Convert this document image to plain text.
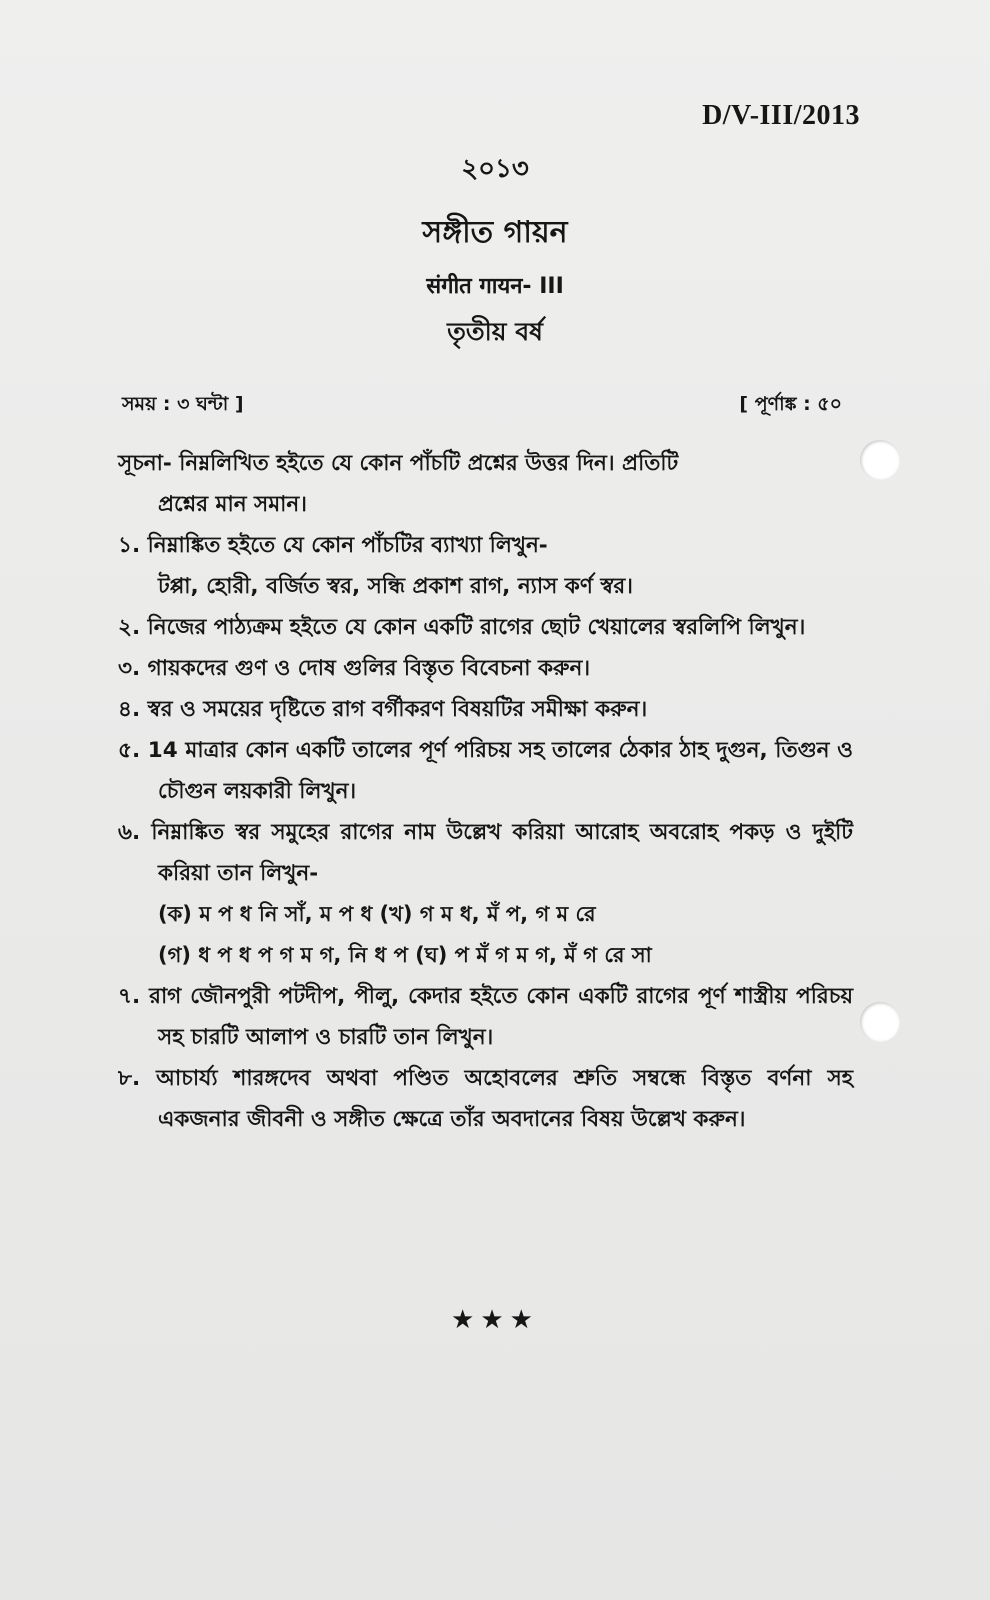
D/V-III/2013
২০১৩
সঙ্গীত গায়ন
संगीत गायन- III
তৃতীয় বর্ষ
সময় : ৩ ঘন্টা ]	[ পূর্ণাঙ্ক : ৫০

সূচনা- নিম্নলিখিত হইতে যে কোন পাঁচটি প্রশ্নের উত্তর দিন। প্রতিটি

প্রশ্নের মান সমান।

১. নিম্নাঙ্কিত হইতে যে কোন পাঁচটির ব্যাখ্যা লিখুন-

টপ্পা, হোরী, বর্জিত স্বর, সন্ধি প্রকাশ রাগ, ন্যাস কর্ণ স্বর।

২. নিজের পাঠ্যক্রম হইতে যে কোন একটি রাগের ছোট খেয়ালের স্বরলিপি লিখুন।

৩. গায়কদের গুণ ও দোষ গুলির বিস্তৃত বিবেচনা করুন।

৪. স্বর ও সময়ের দৃষ্টিতে রাগ বর্গীকরণ বিষয়টির সমীক্ষা করুন।

৫. 14 মাত্রার কোন একটি তালের পূর্ণ পরিচয় সহ তালের ঠেকার ঠাহ দুগুন, তিগুন ও চৌগুন লয়কারী লিখুন।

৬. নিম্নাঙ্কিত স্বর সমুহের রাগের নাম উল্লেখ করিয়া আরোহ অবরোহ পকড় ও দুইটি করিয়া তান লিখুন-

(ক) ম প ধ নি সাঁ, ম প ধ (খ) গ ম ধ, মঁ প, গ ম রে

(গ) ধ প ধ প গ ম গ, নি ধ প (ঘ) প মঁ গ ম গ, মঁ গ রে সা

৭. রাগ জৌনপুরী পটদীপ, পীলু, কেদার হইতে কোন একটি রাগের পূর্ণ শাস্ত্রীয় পরিচয় সহ চারটি আলাপ ও চারটি তান লিখুন।

৮. আচার্য্য শারঙ্গদেব অথবা পণ্ডিত অহোবলের শ্রুতি সম্বন্ধে বিস্তৃত বর্ণনা সহ একজনার জীবনী ও সঙ্গীত ক্ষেত্রে তাঁর অবদানের বিষয় উল্লেখ করুন।

★★★
